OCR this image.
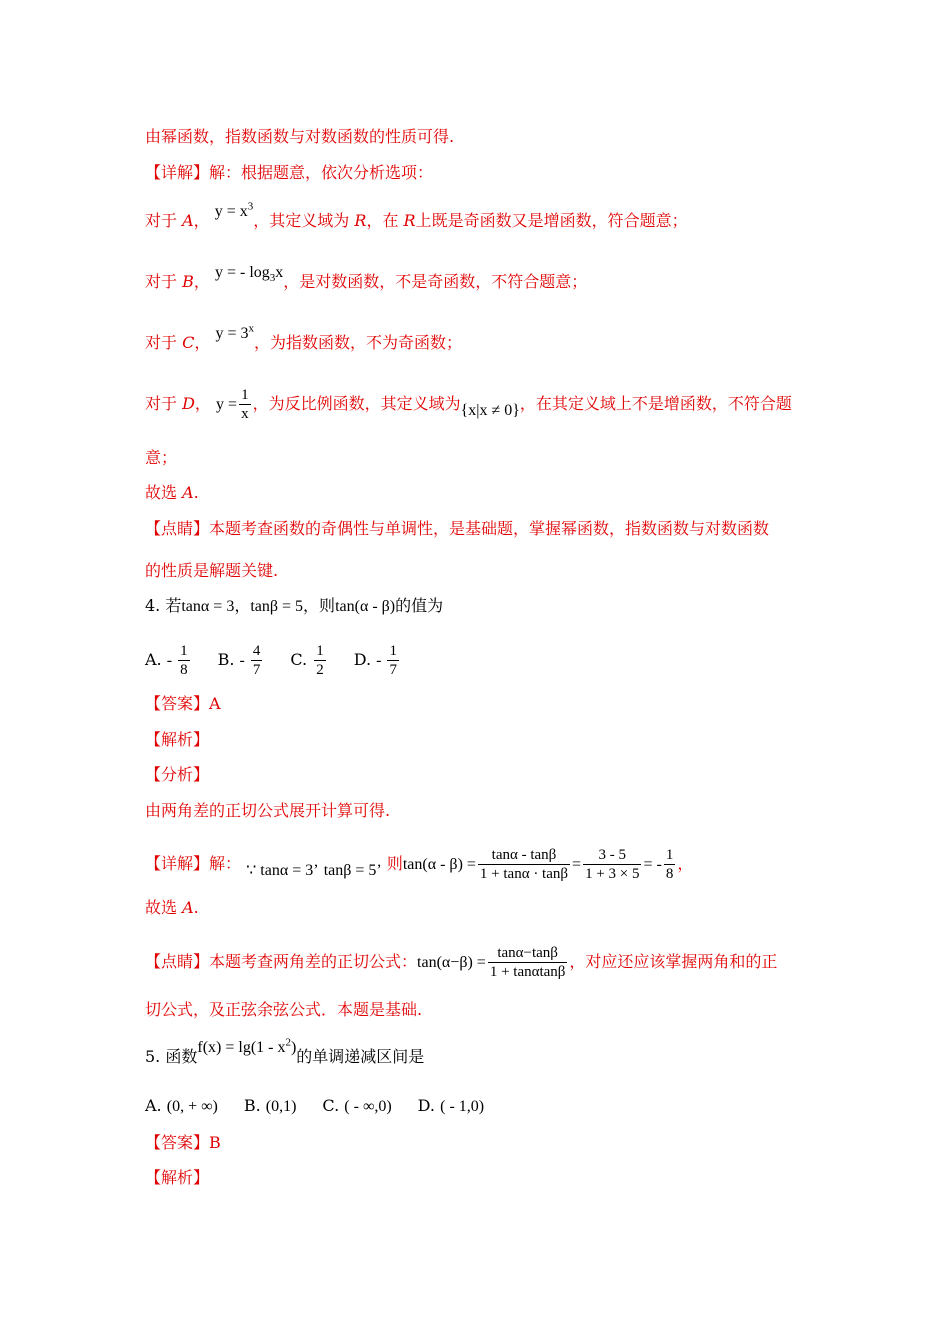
由幂函数，指数函数与对数函数的性质可得.
【详解】解：根据题意，依次分析选项：
对于 A， $y = x^3$，其定义域为 R，在 R上既是奇函数又是增函数，符合题意；
对于 B， y = - $\log_3x$，是对数函数，不是奇函数，不符合题意；
对于 C， $y = 3^x$，为指数函数，不为奇函数；
对于 D， $y = \frac{1}{x}$ ，为反比例函数，其定义域为{x|x ≠ 0}，在其定义域上不是增函数，不符合题
意；
故选 A.
【点睛】本题考查函数的奇偶性与单调性，是基础题，掌握幂函数，指数函数与对数函数
的性质是解题关键.
4. 若tanα = 3，tanβ = 5，则tan(α - β)的值为
A. - $\frac{1}{8} B$. - $\frac{4}{7} C$. $\frac{1}{2} D$. - $\frac{1}{7}$
【答案】A
【解析】
【分析】
由两角差的正切公式展开计算可得.
【详解】解： ∵ tanα = 3’ tanβ = 5’ 则$\tan(\alpha - \beta) = \frac{\tan\alpha - \tan\beta}{1 + \tan\alpha \cdot \tan\beta} = \frac{3 - 5}{1 + 3 \times 5}$ = - $\frac{1}{8}$ ，
故选 A.
【点睛】本题考查两角差的正切公式：$\tan(\alpha-\beta) = \frac{\tan\alpha-\tan\beta}{1 + \tan\alpha\tan\beta}$ ，对应还应该掌握两角和的正
切公式，及正弦余弦公式．本题是基础.
5. 函数$f(x) = \lg(1 - x^2)$的单调递减区间是
A. (0, + ∞) B. (0,1) C. ( - ∞,0) D. ( - 1,0)
【答案】B
【解析】
